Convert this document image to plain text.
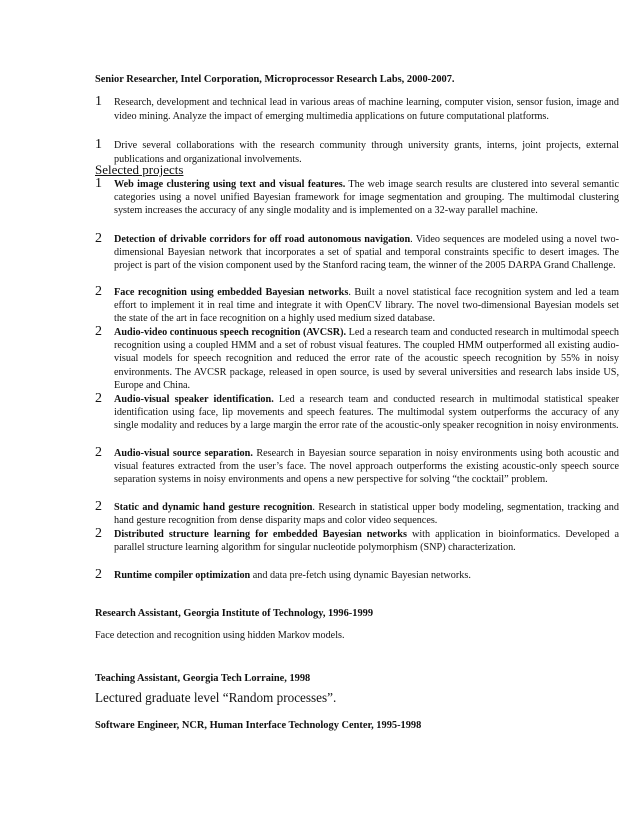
Senior Researcher, Intel Corporation, Microprocessor Research Labs, 2000-2007.
1 Research, development and technical lead in various areas of machine learning, computer vision, sensor fusion, image and video mining. Analyze the impact of emerging multimedia applications on future computational platforms.
1 Drive several collaborations with the research community through university grants, interns, joint projects, external publications and organizational involvements.
Selected projects
1 Web image clustering using text and visual features. The web image search results are clustered into several semantic categories using a novel unified Bayesian framework for image segmentation and grouping. The multimodal clustering system increases the accuracy of any single modality and is implemented on a 32-way parallel machine.
2 Detection of drivable corridors for off road autonomous navigation. Video sequences are modeled using a novel two-dimensional Bayesian network that incorporates a set of spatial and temporal constraints specific to desert images. The project is part of the vision component used by the Stanford racing team, the winner of the 2005 DARPA Grand Challenge.
2 Face recognition using embedded Bayesian networks. Built a novel statistical face recognition system and led a team effort to implement it in real time and integrate it with OpenCV library. The novel two-dimensional Bayesian models set the state of the art in face recognition on a highly used medium sized database.
2 Audio-video continuous speech recognition (AVCSR). Led a research team and conducted research in multimodal speech recognition using a coupled HMM and a set of robust visual features. The coupled HMM outperformed all existing audio-visual models for speech recognition and reduced the error rate of the acoustic speech recognition by 55% in noisy environments. The AVCSR package, released in open source, is used by several universities and research labs inside US, Europe and China.
2 Audio-visual speaker identification. Led a research team and conducted research in multimodal statistical speaker identification using face, lip movements and speech features. The multimodal system outperforms the accuracy of any single modality and reduces by a large margin the error rate of the acoustic-only speaker recognition in noisy environments.
2 Audio-visual source separation. Research in Bayesian source separation in noisy environments using both acoustic and visual features extracted from the user’s face. The novel approach outperforms the existing acoustic-only speech source separation systems in noisy environments and opens a new perspective for solving “the cocktail” problem.
2 Static and dynamic hand gesture recognition. Research in statistical upper body modeling, segmentation, tracking and hand gesture recognition from dense disparity maps and color video sequences.
2 Distributed structure learning for embedded Bayesian networks with application in bioinformatics. Developed a parallel structure learning algorithm for singular nucleotide polymorphism (SNP) characterization.
2 Runtime compiler optimization and data pre-fetch using dynamic Bayesian networks.
Research Assistant, Georgia Institute of Technology, 1996-1999
Face detection and recognition using hidden Markov models.
Teaching Assistant, Georgia Tech Lorraine, 1998
Lectured graduate level “Random processes”.
Software Engineer, NCR, Human Interface Technology Center, 1995-1998
